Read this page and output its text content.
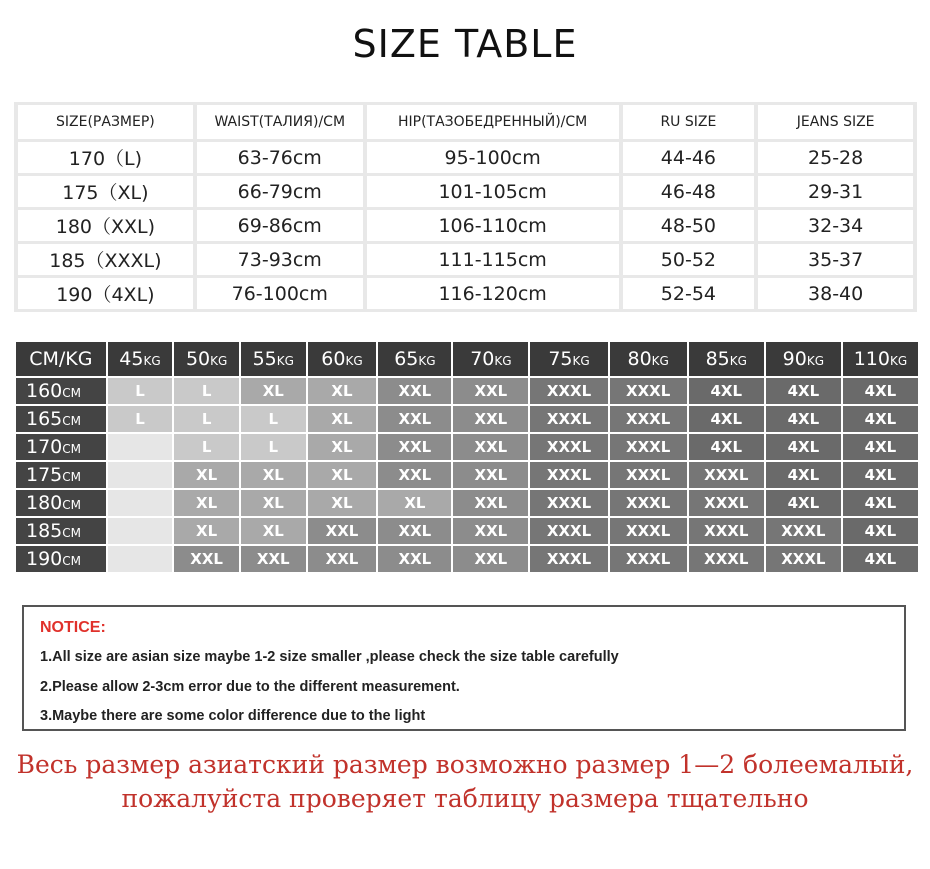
SIZE TABLE
SIZE(РАЗМЕР)	WAIST(ТАЛИЯ)/CM	HIP(ТАЗОБЕДРЕННЫЙ)/CM	RU SIZE	JEANS SIZE
170（L)	63-76cm	95-100cm	44-46	25-28
175（XL)	66-79cm	101-105cm	46-48	29-31
180（XXL)	69-86cm	106-110cm	48-50	32-34
185（XXXL)	73-93cm	111-115cm	50-52	35-37
190（4XL)	76-100cm	116-120cm	52-54	38-40
CM/KG	45KG	50KG	55KG	60KG	65KG	70KG	75KG	80KG	85KG	90KG	110KG
160CM	L	L	XL	XL	XXL	XXL	XXXL	XXXL	4XL	4XL	4XL
165CM	L	L	L	XL	XXL	XXL	XXXL	XXXL	4XL	4XL	4XL
170CM		L	L	XL	XXL	XXL	XXXL	XXXL	4XL	4XL	4XL
175CM		XL	XL	XL	XXL	XXL	XXXL	XXXL	XXXL	4XL	4XL
180CM		XL	XL	XL	XL	XXL	XXXL	XXXL	XXXL	4XL	4XL
185CM		XL	XL	XXL	XXL	XXL	XXXL	XXXL	XXXL	XXXL	4XL
190CM		XXL	XXL	XXL	XXL	XXL	XXXL	XXXL	XXXL	XXXL	4XL
NOTICE:
1.All size are asian size maybe 1-2 size smaller ,please check the size table carefully
2.Please allow 2-3cm error due to the different measurement.
3.Maybe there are some color difference due to the light
Весь размер азиатский размер возможно размер 1—2 болеемалый,
пожалуйста проверяет таблицу размера тщательно
